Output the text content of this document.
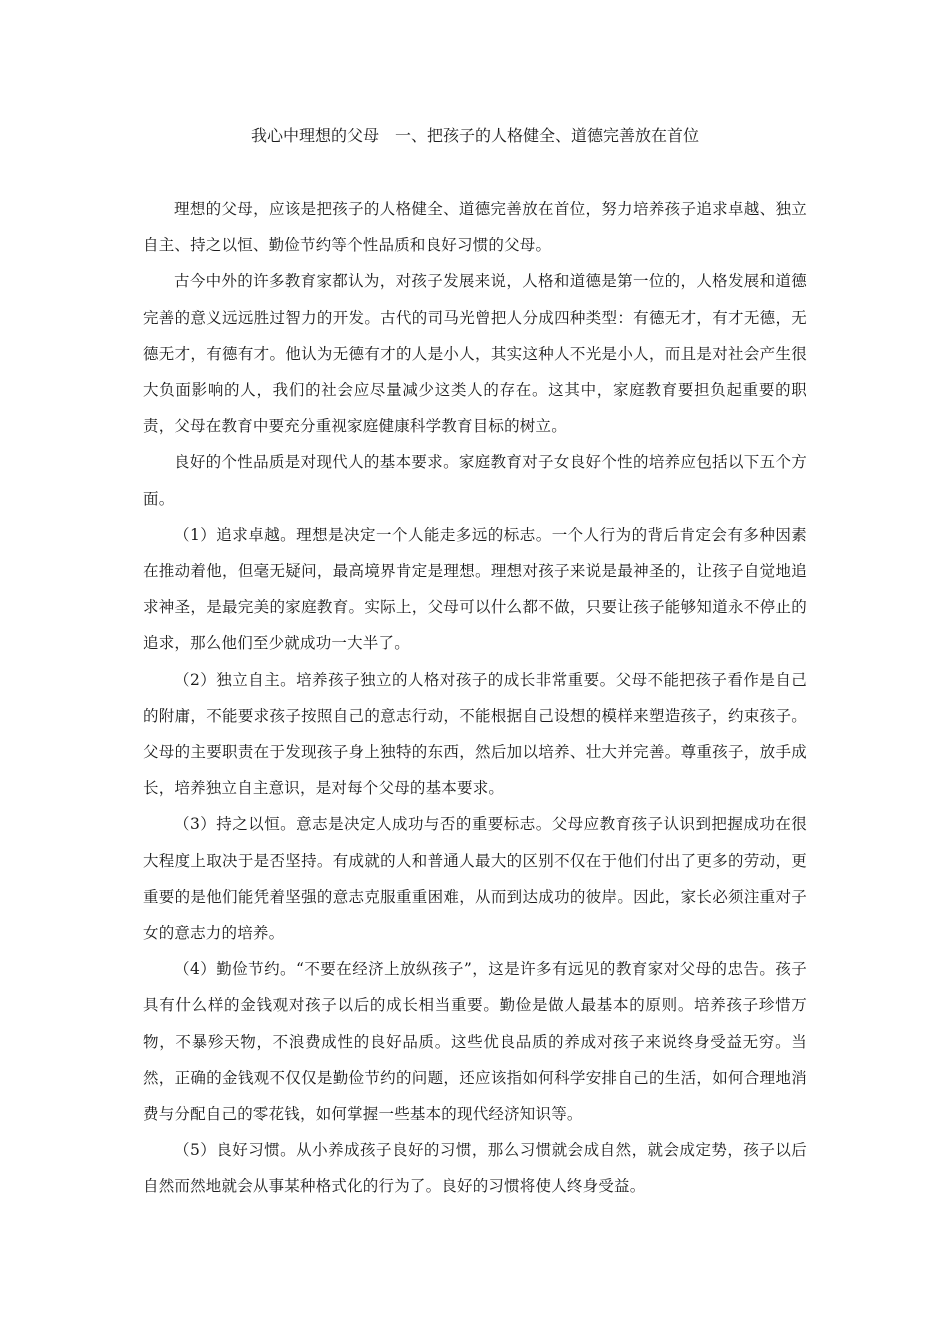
我心中理想的父母　一、把孩子的人格健全、道德完善放在首位

理想的父母，应该是把孩子的人格健全、道德完善放在首位，努力培养孩子追求卓越、独立自主、持之以恒、勤俭节约等个性品质和良好习惯的父母。

古今中外的许多教育家都认为，对孩子发展来说，人格和道德是第一位的，人格发展和道德完善的意义远远胜过智力的开发。古代的司马光曾把人分成四种类型：有德无才，有才无德，无德无才，有德有才。他认为无德有才的人是小人，其实这种人不光是小人，而且是对社会产生很大负面影响的人，我们的社会应尽量减少这类人的存在。这其中，家庭教育要担负起重要的职责，父母在教育中要充分重视家庭健康科学教育目标的树立。

良好的个性品质是对现代人的基本要求。家庭教育对子女良好个性的培养应包括以下五个方面。

（1）追求卓越。理想是决定一个人能走多远的标志。一个人行为的背后肯定会有多种因素在推动着他，但毫无疑问，最高境界肯定是理想。理想对孩子来说是最神圣的，让孩子自觉地追求神圣，是最完美的家庭教育。实际上，父母可以什么都不做，只要让孩子能够知道永不停止的追求，那么他们至少就成功一大半了。

（2）独立自主。培养孩子独立的人格对孩子的成长非常重要。父母不能把孩子看作是自己的附庸，不能要求孩子按照自己的意志行动，不能根据自己设想的模样来塑造孩子，约束孩子。父母的主要职责在于发现孩子身上独特的东西，然后加以培养、壮大并完善。尊重孩子，放手成长，培养独立自主意识，是对每个父母的基本要求。

（3）持之以恒。意志是决定人成功与否的重要标志。父母应教育孩子认识到把握成功在很大程度上取决于是否坚持。有成就的人和普通人最大的区别不仅在于他们付出了更多的劳动，更重要的是他们能凭着坚强的意志克服重重困难，从而到达成功的彼岸。因此，家长必须注重对子女的意志力的培养。

（4）勤俭节约。“不要在经济上放纵孩子”，这是许多有远见的教育家对父母的忠告。孩子具有什么样的金钱观对孩子以后的成长相当重要。勤俭是做人最基本的原则。培养孩子珍惜万物，不暴殄天物，不浪费成性的良好品质。这些优良品质的养成对孩子来说终身受益无穷。当然，正确的金钱观不仅仅是勤俭节约的问题，还应该指如何科学安排自己的生活，如何合理地消费与分配自己的零花钱，如何掌握一些基本的现代经济知识等。

（5）良好习惯。从小养成孩子良好的习惯，那么习惯就会成自然，就会成定势，孩子以后自然而然地就会从事某种格式化的行为了。良好的习惯将使人终身受益。
